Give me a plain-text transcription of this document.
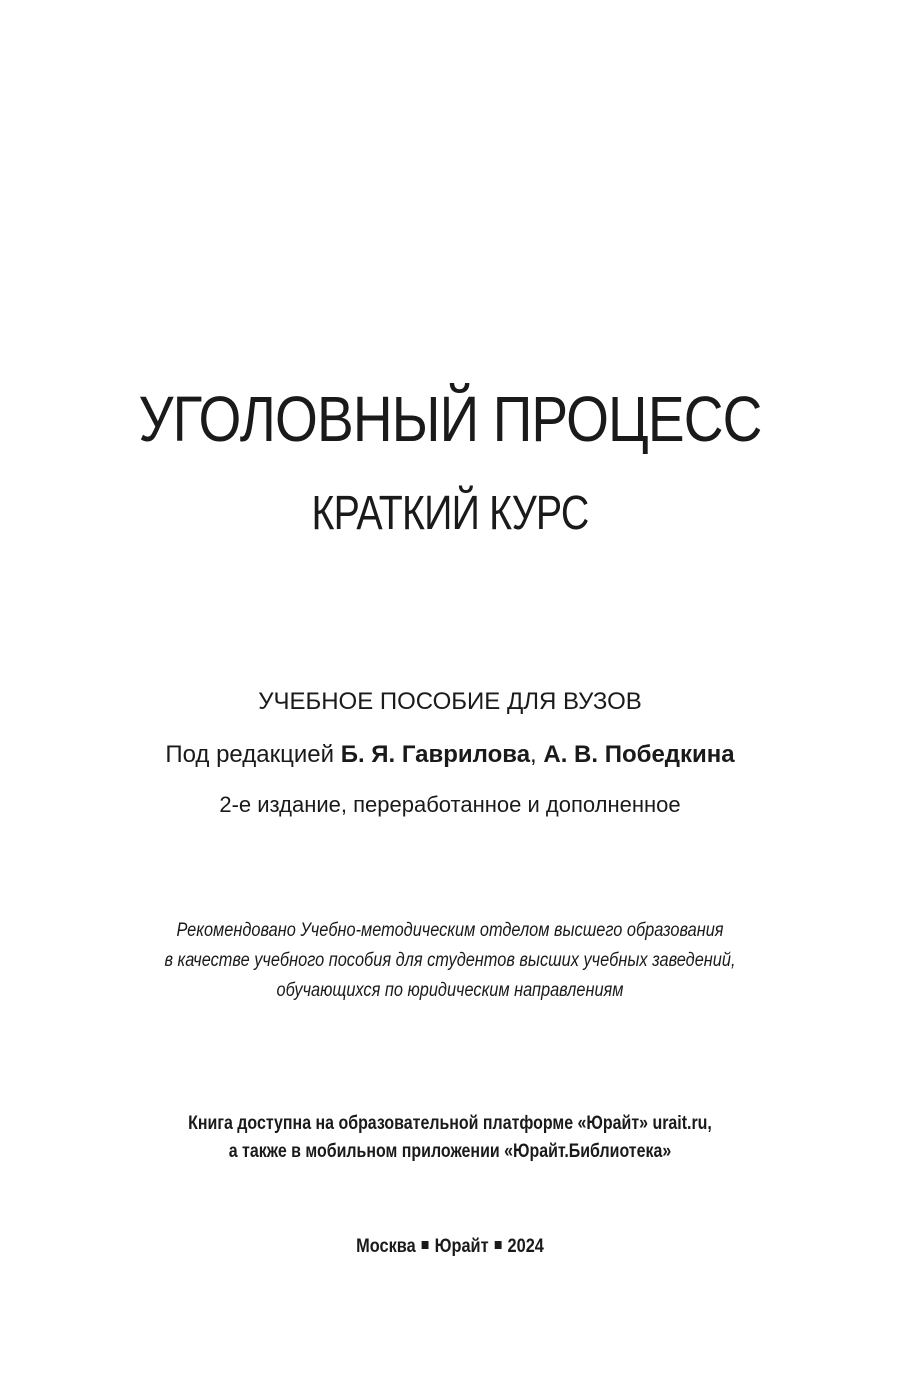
УГОЛОВНЫЙ ПРОЦЕСС
КРАТКИЙ КУРС
УЧЕБНОЕ ПОСОБИЕ ДЛЯ ВУЗОВ
Под редакцией Б. Я. Гаврилова, А. В. Победкина
2-е издание, переработанное и дополненное
Рекомендовано Учебно-методическим отделом высшего образования
в качестве учебного пособия для студентов высших учебных заведений,
обучающихся по юридическим направлениям
Книга доступна на образовательной платформе «Юрайт» urait.ru,
а также в мобильном приложении «Юрайт.Библиотека»
Москва Юрайт 2024
